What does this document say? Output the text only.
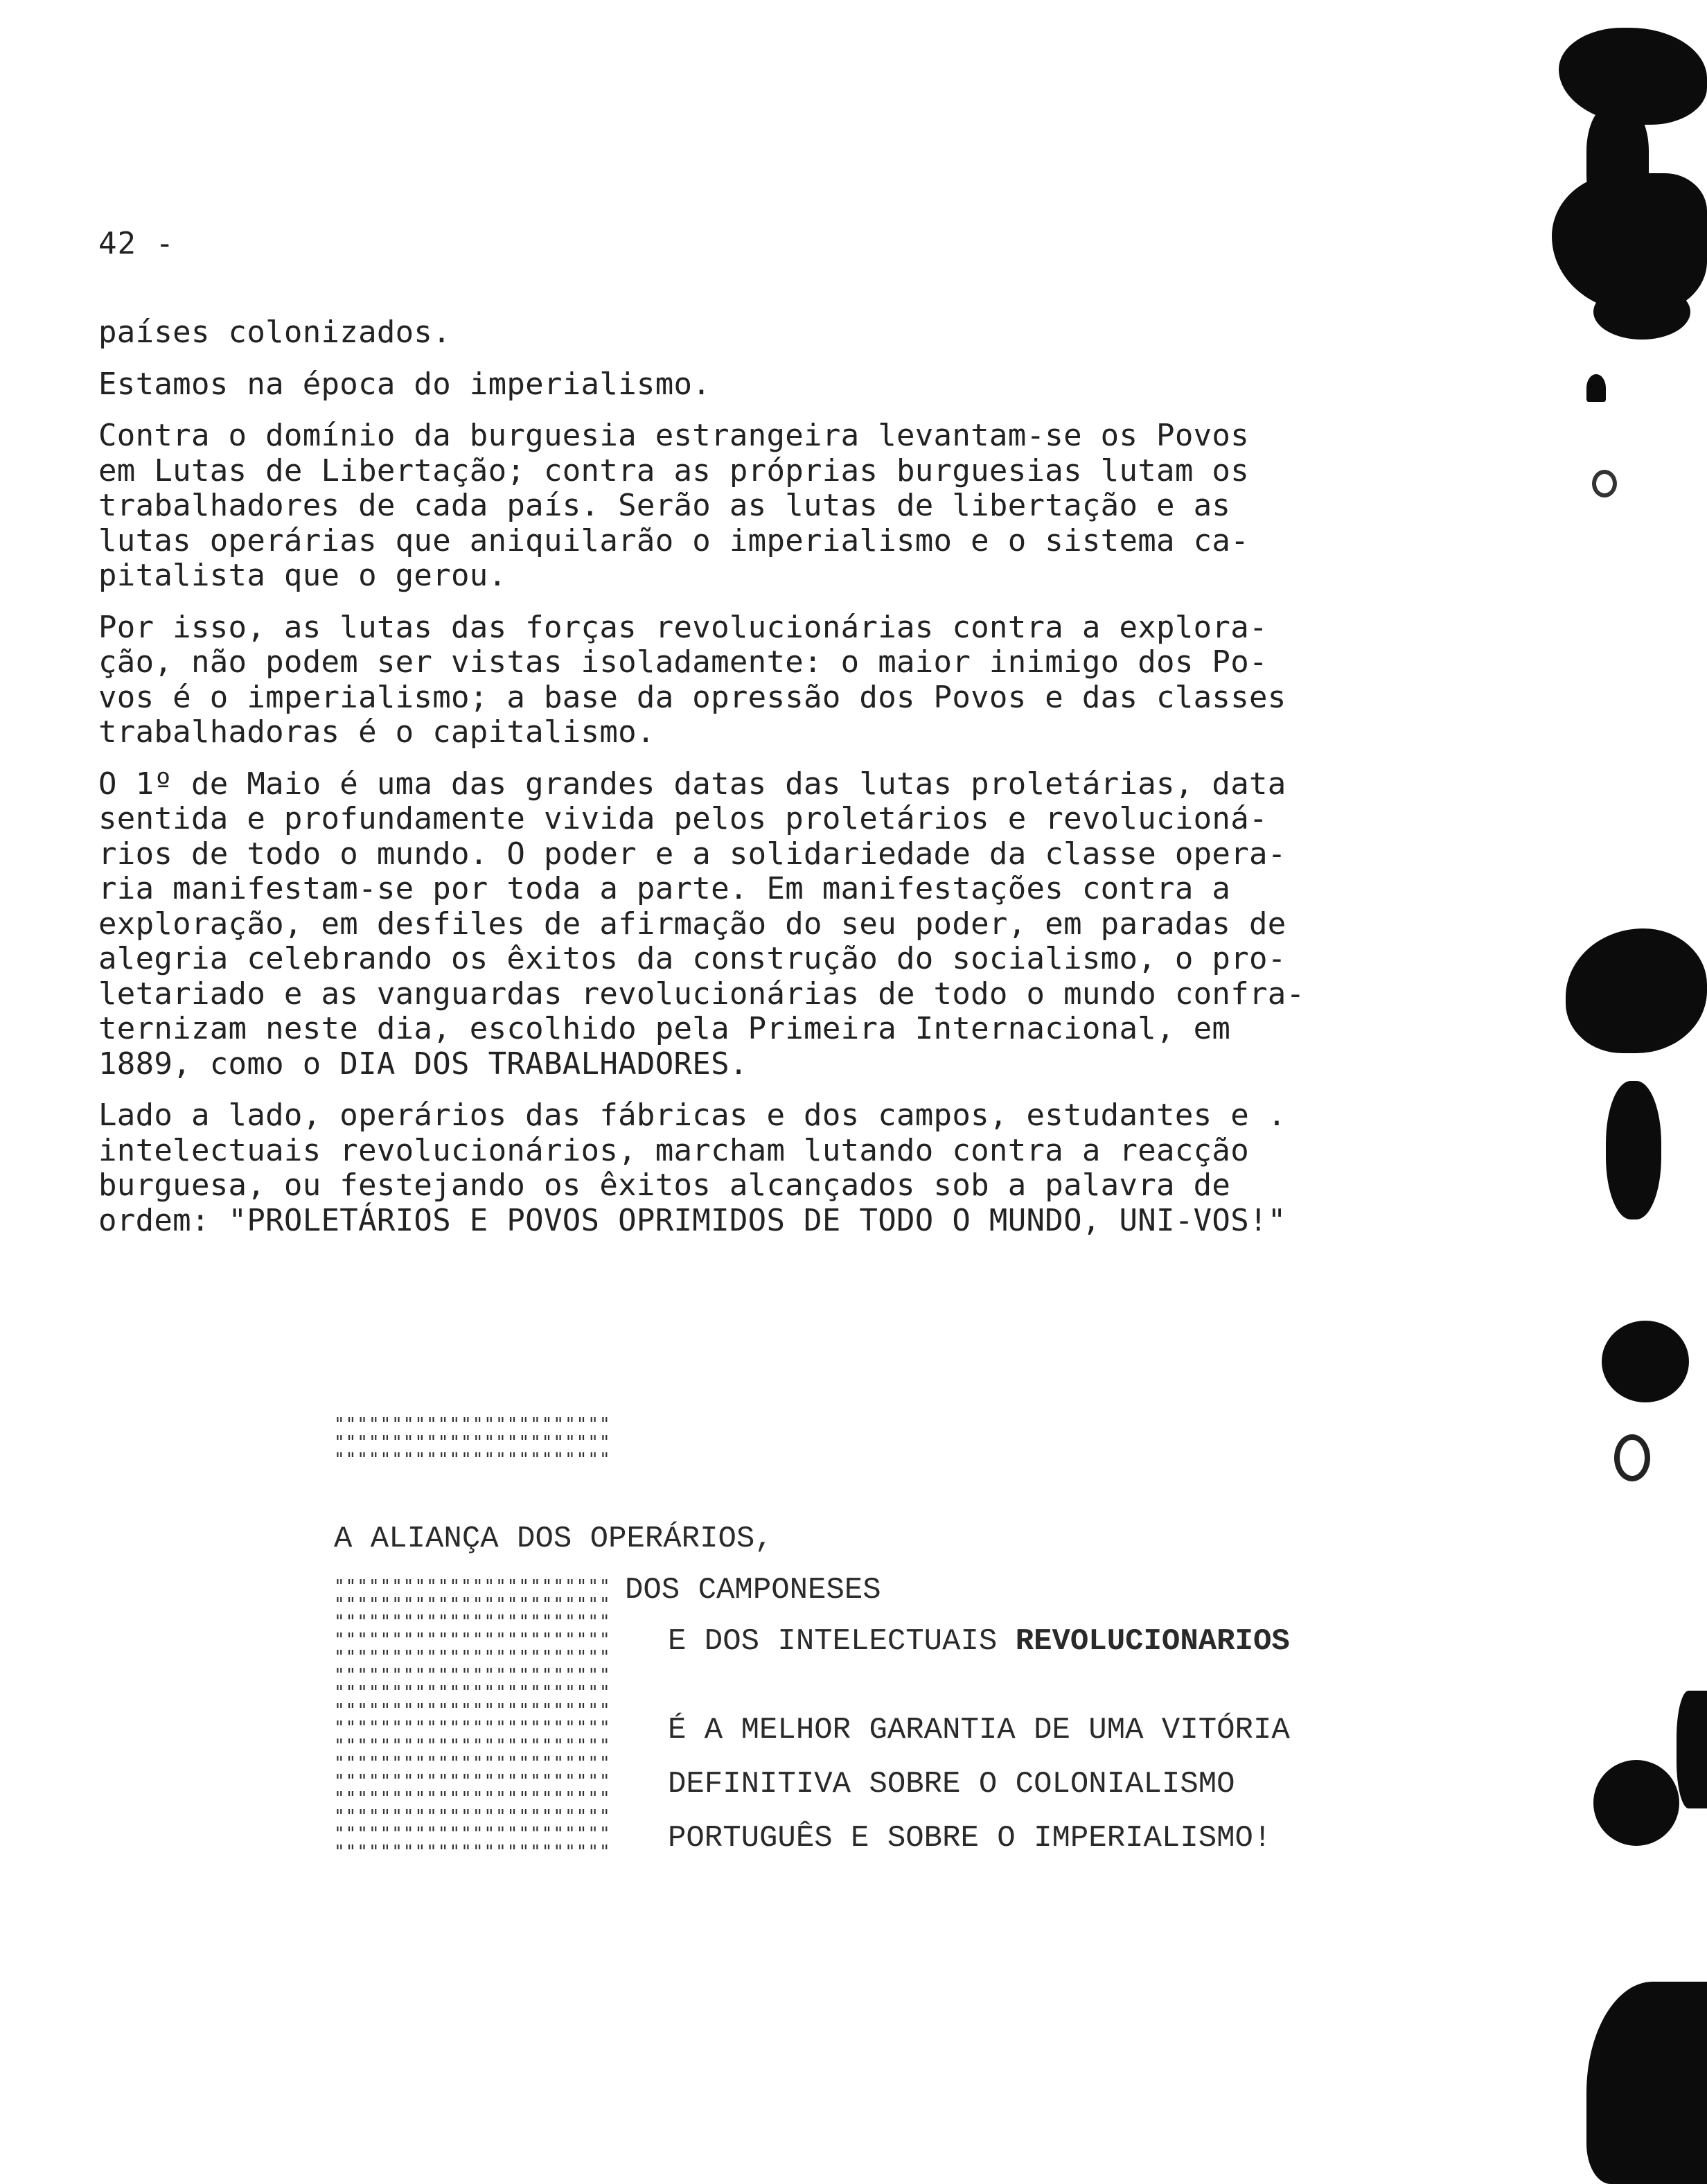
42 -
países colonizados.
Estamos na época do imperialismo.
Contra o domínio da burguesia estrangeira levantam-se os Povos
em Lutas de Libertação; contra as próprias burguesias lutam os
trabalhadores de cada país. Serão as lutas de libertação e as
lutas operárias que aniquilarão o imperialismo e o sistema ca-
pitalista que o gerou.
Por isso, as lutas das forças revolucionárias contra a explora-
ção, não podem ser vistas isoladamente: o maior inimigo dos Po-
vos é o imperialismo; a base da opressão dos Povos e das classes
trabalhadoras é o capitalismo.
O 1º de Maio é uma das grandes datas das lutas proletárias, data
sentida e profundamente vivida pelos proletários e revolucioná-
rios de todo o mundo. O poder e a solidariedade da classe opera-
ria manifestam-se por toda a parte. Em manifestações contra a
exploração, em desfiles de afirmação do seu poder, em paradas de
alegria celebrando os êxitos da construção do socialismo, o pro-
letariado e as vanguardas revolucionárias de todo o mundo confra-
ternizam neste dia, escolhido pela Primeira Internacional, em
1889, como o DIA DOS TRABALHADORES.
Lado a lado, operários das fábricas e dos campos, estudantes e .
intelectuais revolucionários, marcham lutando contra a reacção
burguesa, ou festejando os êxitos alcançados sob a palavra de
ordem: "PROLETÁRIOS E POVOS OPRIMIDOS DE TODO O MUNDO, UNI-VOS!"
""""""""""""""""""""""""
""""""""""""""""""""""""
""""""""""""""""""""""""
""""""""""""""""""""""""
""""""""""""""""""""""""
""""""""""""""""""""""""
""""""""""""""""""""""""
""""""""""""""""""""""""
""""""""""""""""""""""""
""""""""""""""""""""""""
""""""""""""""""""""""""
""""""""""""""""""""""""
""""""""""""""""""""""""
""""""""""""""""""""""""
""""""""""""""""""""""""
""""""""""""""""""""""""
""""""""""""""""""""""""
""""""""""""""""""""""""
""""""""""""""""""""""""
A ALIANÇA DOS OPERÁRIOS,
DOS CAMPONESES
E DOS INTELECTUAIS REVOLUCIONARIOS
É A MELHOR GARANTIA DE UMA VITÓRIA
DEFINITIVA SOBRE O COLONIALISMO
PORTUGUÊS E SOBRE O IMPERIALISMO!
